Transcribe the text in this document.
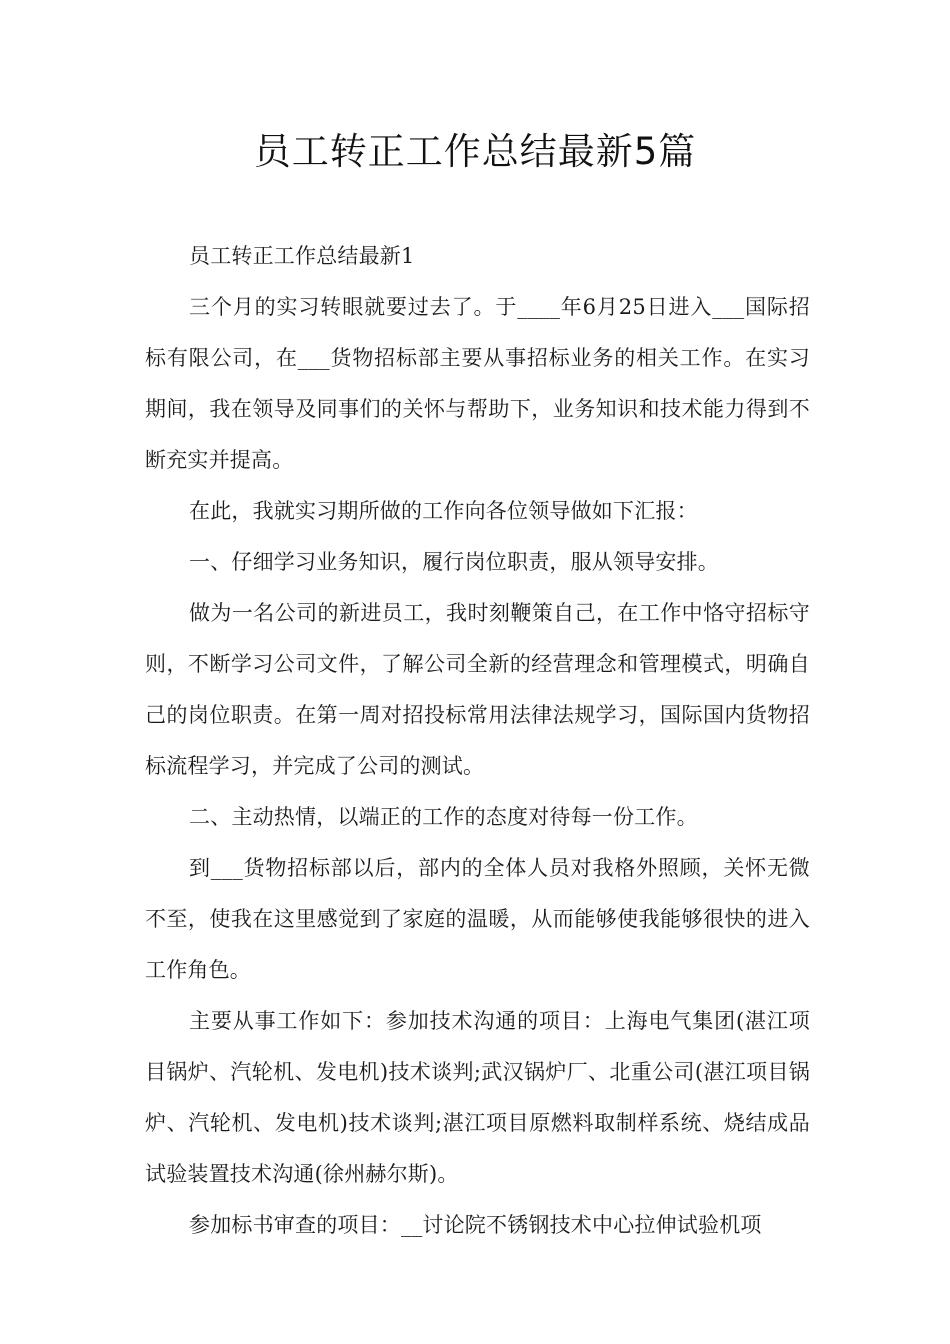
员工转正工作总结最新5篇

员工转正工作总结最新1

三个月的实习转眼就要过去了。于____年6月25日进入___国际招标有限公司，在___货物招标部主要从事招标业务的相关工作。在实习期间，我在领导及同事们的关怀与帮助下，业务知识和技术能力得到不断充实并提高。

在此，我就实习期所做的工作向各位领导做如下汇报：

一、仔细学习业务知识，履行岗位职责，服从领导安排。

做为一名公司的新进员工，我时刻鞭策自己，在工作中恪守招标守则，不断学习公司文件，了解公司全新的经营理念和管理模式，明确自己的岗位职责。在第一周对招投标常用法律法规学习，国际国内货物招标流程学习，并完成了公司的测试。

二、主动热情，以端正的工作的态度对待每一份工作。

到___货物招标部以后，部内的全体人员对我格外照顾，关怀无微不至，使我在这里感觉到了家庭的温暖，从而能够使我能够很快的进入工作角色。

主要从事工作如下：参加技术沟通的项目：上海电气集团(湛江项目锅炉、汽轮机、发电机)技术谈判;武汉锅炉厂、北重公司(湛江项目锅炉、汽轮机、发电机)技术谈判;湛江项目原燃料取制样系统、烧结成品试验装置技术沟通(徐州赫尔斯)。

参加标书审查的项目：__讨论院不锈钢技术中心拉伸试验机项
